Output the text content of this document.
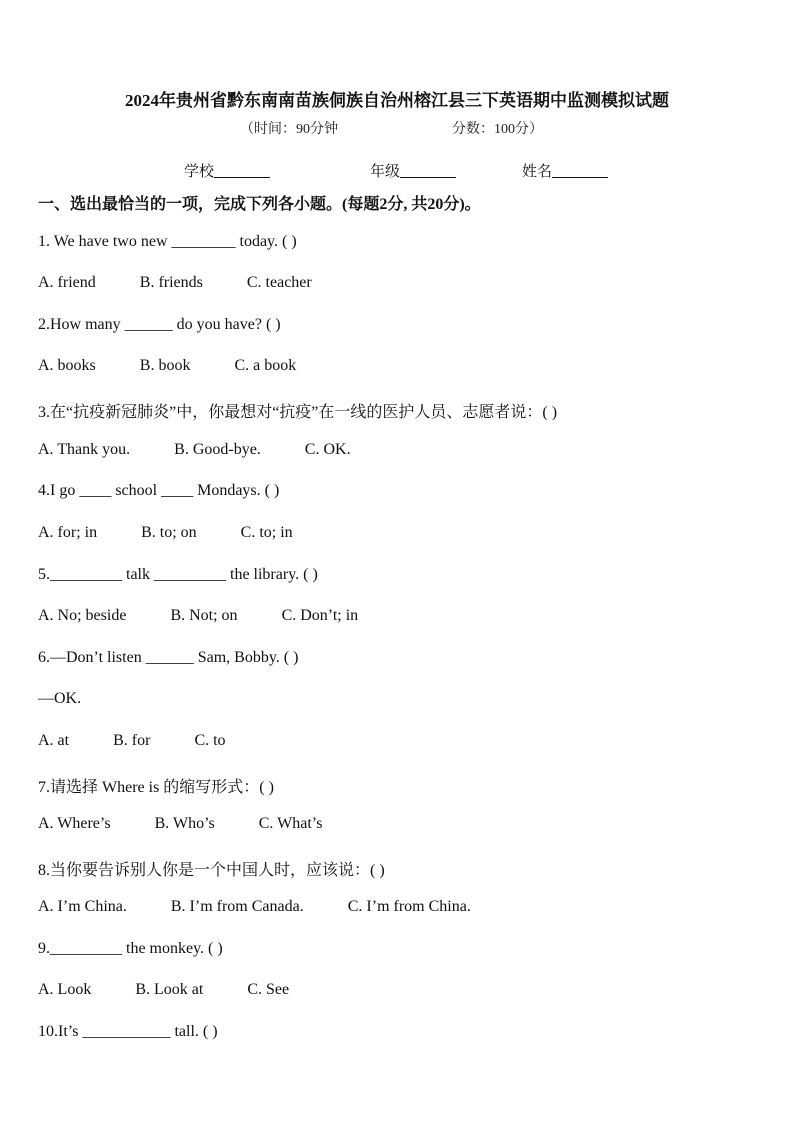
2024年贵州省黔东南南苗族侗族自治州榕江县三下英语期中监测模拟试题
（时间：90分钟	分数：100分）
学校	年级	姓名
一、选出最恰当的一项，完成下列各小题。(每题2分, 共20分)。
1. We have two new ________ today. ( )
A. friend	B. friends	C. teacher
2.How many ______ do you have? ( )
A. books	B. book	C. a book
3.在“抗疫新冠肺炎”中，你最想对“抗疫”在一线的医护人员、志愿者说：( )
A. Thank you.	B. Good-bye.	C. OK.
4.I go ____ school ____ Mondays. ( )
A. for; in	B. to; on	C. to; in
5._________ talk _________ the library. ( )
A. No; beside	B. Not; on	C. Don’t; in
6.—Don’t listen ______ Sam, Bobby. ( )
—OK.
A. at	B. for	C. to
7.请选择 Where is 的缩写形式：( )
A. Where’s	B. Who’s	C. What’s
8.当你要告诉别人你是一个中国人时，应该说：( )
A. I’m China.	B. I’m from Canada.	C. I’m from China.
9._________ the monkey. ( )
A. Look	B. Look at	C. See
10.It’s ___________ tall. ( )
